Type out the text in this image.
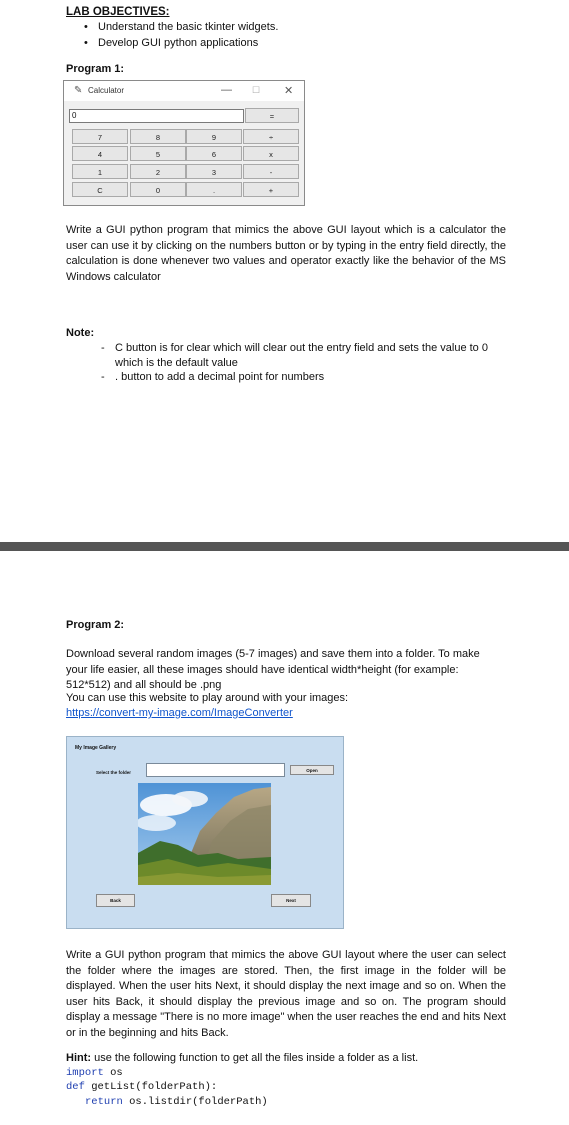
LAB OBJECTIVES:
• Understand the basic tkinter widgets.
• Develop GUI python applications
Program 1:
✎ Calculator	— ☐ ✕
0	=
7	8	9	÷
4	5	6	x
1	2	3	-
C	0	.	+
Write a GUI python program that mimics the above GUI layout which is a calculator the user can use it by clicking on the numbers button or by typing in the entry field directly, the calculation is done whenever two values and operator exactly like the behavior of the MS Windows calculator
Note:
- C button is for clear which will clear out the entry field and sets the value to 0 which is the default value
- . button to add a decimal point for numbers
Program 2:
Download several random images (5-7 images) and save them into a folder. To make your life easier, all these images should have identical width*height (for example: 512*512) and all should be .png
You can use this website to play around with your images:
https://convert-my-image.com/ImageConverter
My Image Gallery
Select the folder	Open
Back	Next
Write a GUI python program that mimics the above GUI layout where the user can select the folder where the images are stored. Then, the first image in the folder will be displayed. When the user hits Next, it should display the next image and so on. When the user hits Back, it should display the previous image and so on. The program should display a message "There is no more image" when the user reaches the end and hits Next or in the beginning and hits Back.
Hint: use the following function to get all the files inside a folder as a list.
import os
def getList(folderPath):
return os.listdir(folderPath)
